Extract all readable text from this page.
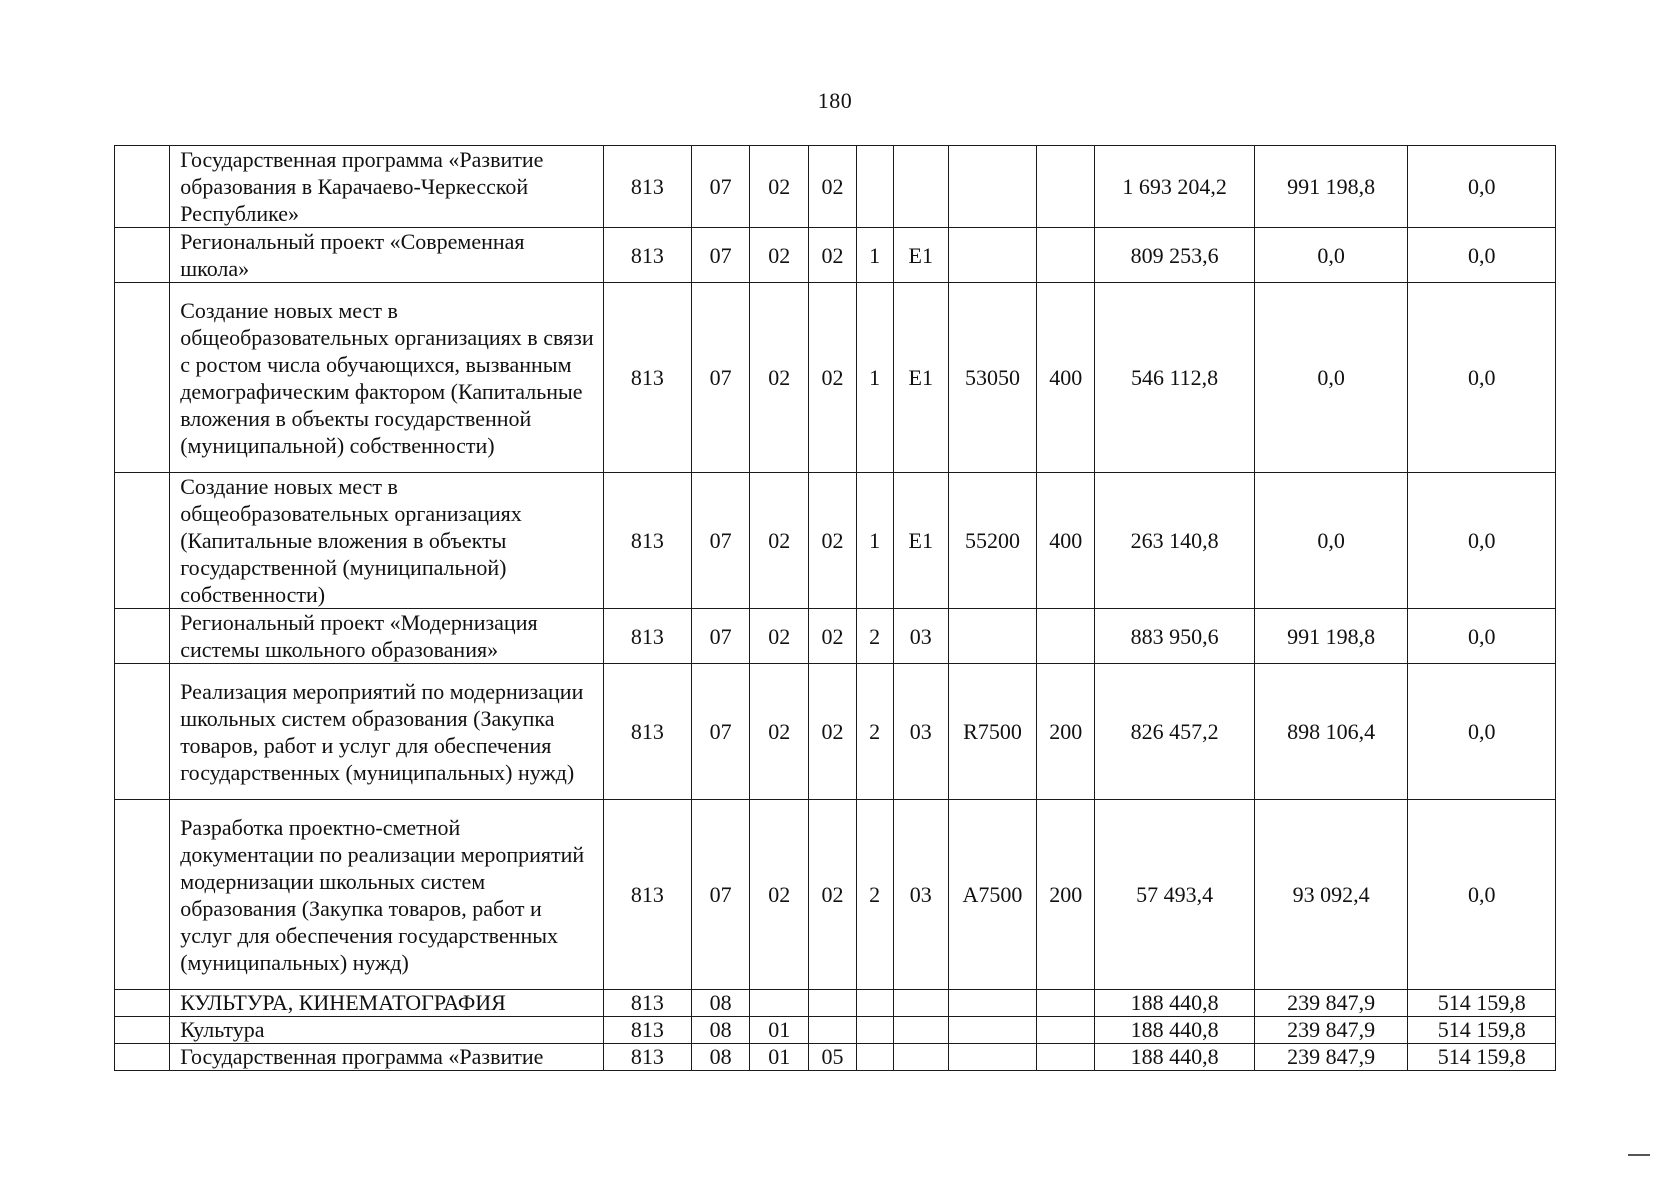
180
	Государственная программа «Развитие образования в Карачаево-Черкесской Республике»	813	07	02	02					1 693 204,2	991 198,8	0,0
	Региональный проект «Современная школа»	813	07	02	02	1	E1			809 253,6	0,0	0,0
	Создание новых мест в общеобразовательных организациях в связи с ростом числа обучающихся, вызванным демографическим фактором (Капитальные вложения в объекты государственной (муниципальной) собственности)	813	07	02	02	1	E1	53050	400	546 112,8	0,0	0,0
	Создание новых мест в общеобразовательных организациях (Капитальные вложения в объекты государственной (муниципальной) собственности)	813	07	02	02	1	E1	55200	400	263 140,8	0,0	0,0
	Региональный проект «Модернизация системы школьного образования»	813	07	02	02	2	03			883 950,6	991 198,8	0,0
	Реализация мероприятий по модернизации школьных систем образования (Закупка товаров, работ и услуг для обеспечения государственных (муниципальных) нужд)	813	07	02	02	2	03	R7500	200	826 457,2	898 106,4	0,0
	Разработка проектно-сметной документации по реализации мероприятий модернизации школьных систем образования (Закупка товаров, работ и услуг для обеспечения государственных (муниципальных) нужд)	813	07	02	02	2	03	A7500	200	57 493,4	93 092,4	0,0
	КУЛЬТУРА, КИНЕМАТОГРАФИЯ	813	08							188 440,8	239 847,9	514 159,8
	Культура	813	08	01						188 440,8	239 847,9	514 159,8
	Государственная программа «Развитие	813	08	01	05					188 440,8	239 847,9	514 159,8
